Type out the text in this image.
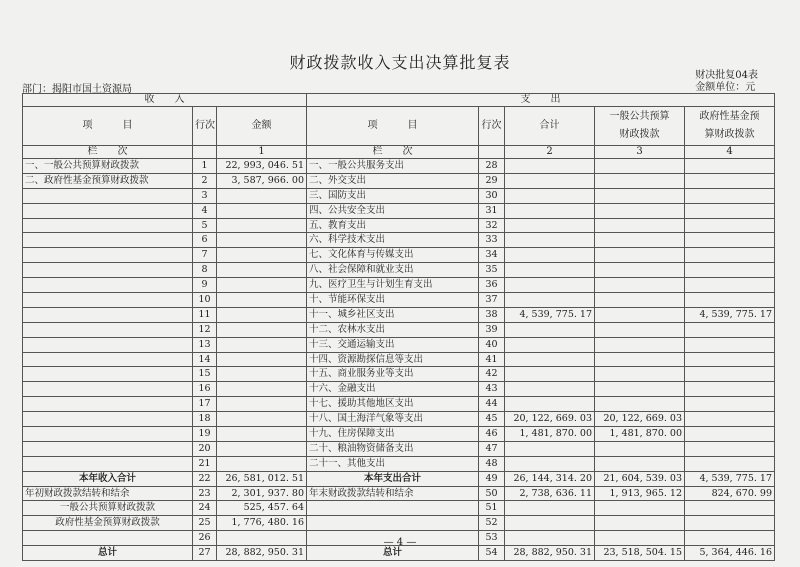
财政拨款收入支出决算批复表
部门：揭阳市国土资源局
财决批复04表
金额单位：元
收　　入			支　　出				
项　　　目	行次	金额	项　　　目	行次	合计	一般公共预算财政拨款	政府性基金预算财政拨款
栏　　次		1	栏　　次		2	3	4
一、一般公共预算财政拨款	1	22, 993, 046. 51	一、一般公共服务支出	28			
二、政府性基金预算财政拨款	2	3, 587, 966. 00	二、外交支出	29			
	3		三、国防支出	30			
	4		四、公共安全支出	31			
	5		五、教育支出	32			
	6		六、科学技术支出	33			
	7		七、文化体育与传媒支出	34			
	8		八、社会保障和就业支出	35			
	9		九、医疗卫生与计划生育支出	36			
	10		十、节能环保支出	37			
	11		十一、城乡社区支出	38	4, 539, 775. 17		4, 539, 775. 17
	12		十二、农林水支出	39			
	13		十三、交通运输支出	40			
	14		十四、资源勘探信息等支出	41			
	15		十五、商业服务业等支出	42			
	16		十六、金融支出	43			
	17		十七、援助其他地区支出	44			
	18		十八、国土海洋气象等支出	45	20, 122, 669. 03	20, 122, 669. 03	
	19		十九、住房保障支出	46	1, 481, 870. 00	1, 481, 870. 00	
	20		二十、粮油物资储备支出	47			
	21		二十一、其他支出	48			
本年收入合计	22	26, 581, 012. 51	本年支出合计	49	26, 144, 314. 20	21, 604, 539. 03	4, 539, 775. 17
年初财政拨款结转和结余	23	2, 301, 937. 80	年末财政拨款结转和结余	50	2, 738, 636. 11	1, 913, 965. 12	824, 670. 99
一般公共预算财政拨款	24	525, 457. 64		51			
政府性基金预算财政拨款	25	1, 776, 480. 16		52			
	26			53			
总计	27	28, 882, 950. 31	总计	54	28, 882, 950. 31	23, 518, 504. 15	5, 364, 446. 16
— 4 —
